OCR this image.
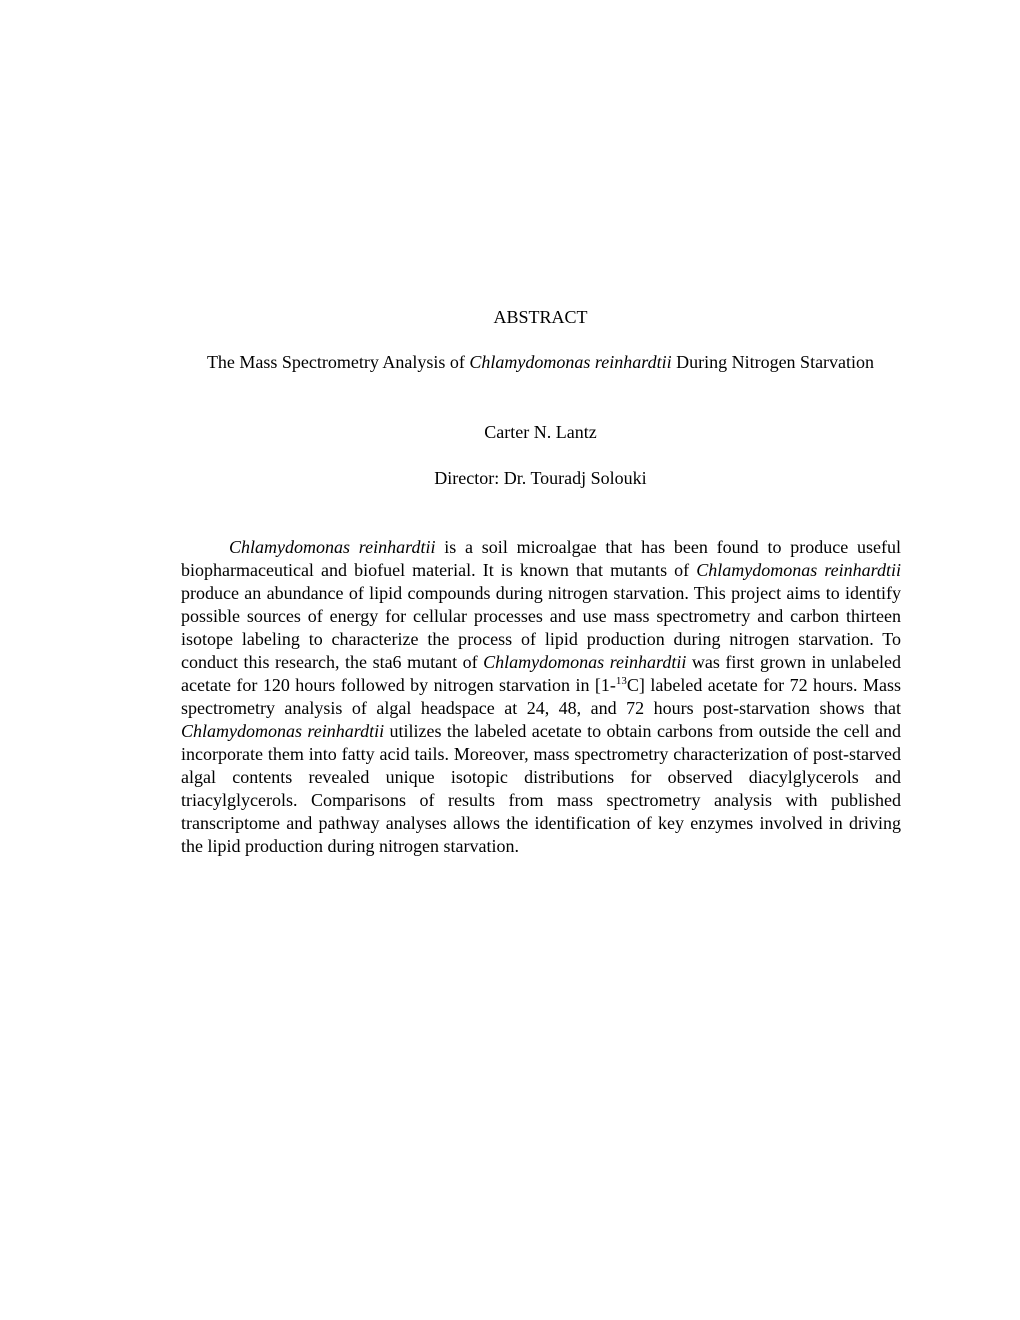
ABSTRACT
The Mass Spectrometry Analysis of Chlamydomonas reinhardtii During Nitrogen Starvation
Carter N. Lantz
Director: Dr. Touradj Solouki

Chlamydomonas reinhardtii is a soil microalgae that has been found to produce useful biopharmaceutical and biofuel material. It is known that mutants of Chlamydomonas reinhardtii produce an abundance of lipid compounds during nitrogen starvation. This project aims to identify possible sources of energy for cellular processes and use mass spectrometry and carbon thirteen isotope labeling to characterize the process of lipid production during nitrogen starvation. To conduct this research, the sta6 mutant of Chlamydomonas reinhardtii was first grown in unlabeled acetate for 120 hours followed by nitrogen starvation in [1-$^{13}$C] labeled acetate for 72 hours. Mass spectrometry analysis of algal headspace at 24, 48, and 72 hours post-starvation shows that Chlamydomonas reinhardtii utilizes the labeled acetate to obtain carbons from outside the cell and incorporate them into fatty acid tails. Moreover, mass spectrometry characterization of post-starved algal contents revealed unique isotopic distributions for observed diacylglycerols and triacylglycerols. Comparisons of results from mass spectrometry analysis with published transcriptome and pathway analyses allows the identification of key enzymes involved in driving the lipid production during nitrogen starvation.
